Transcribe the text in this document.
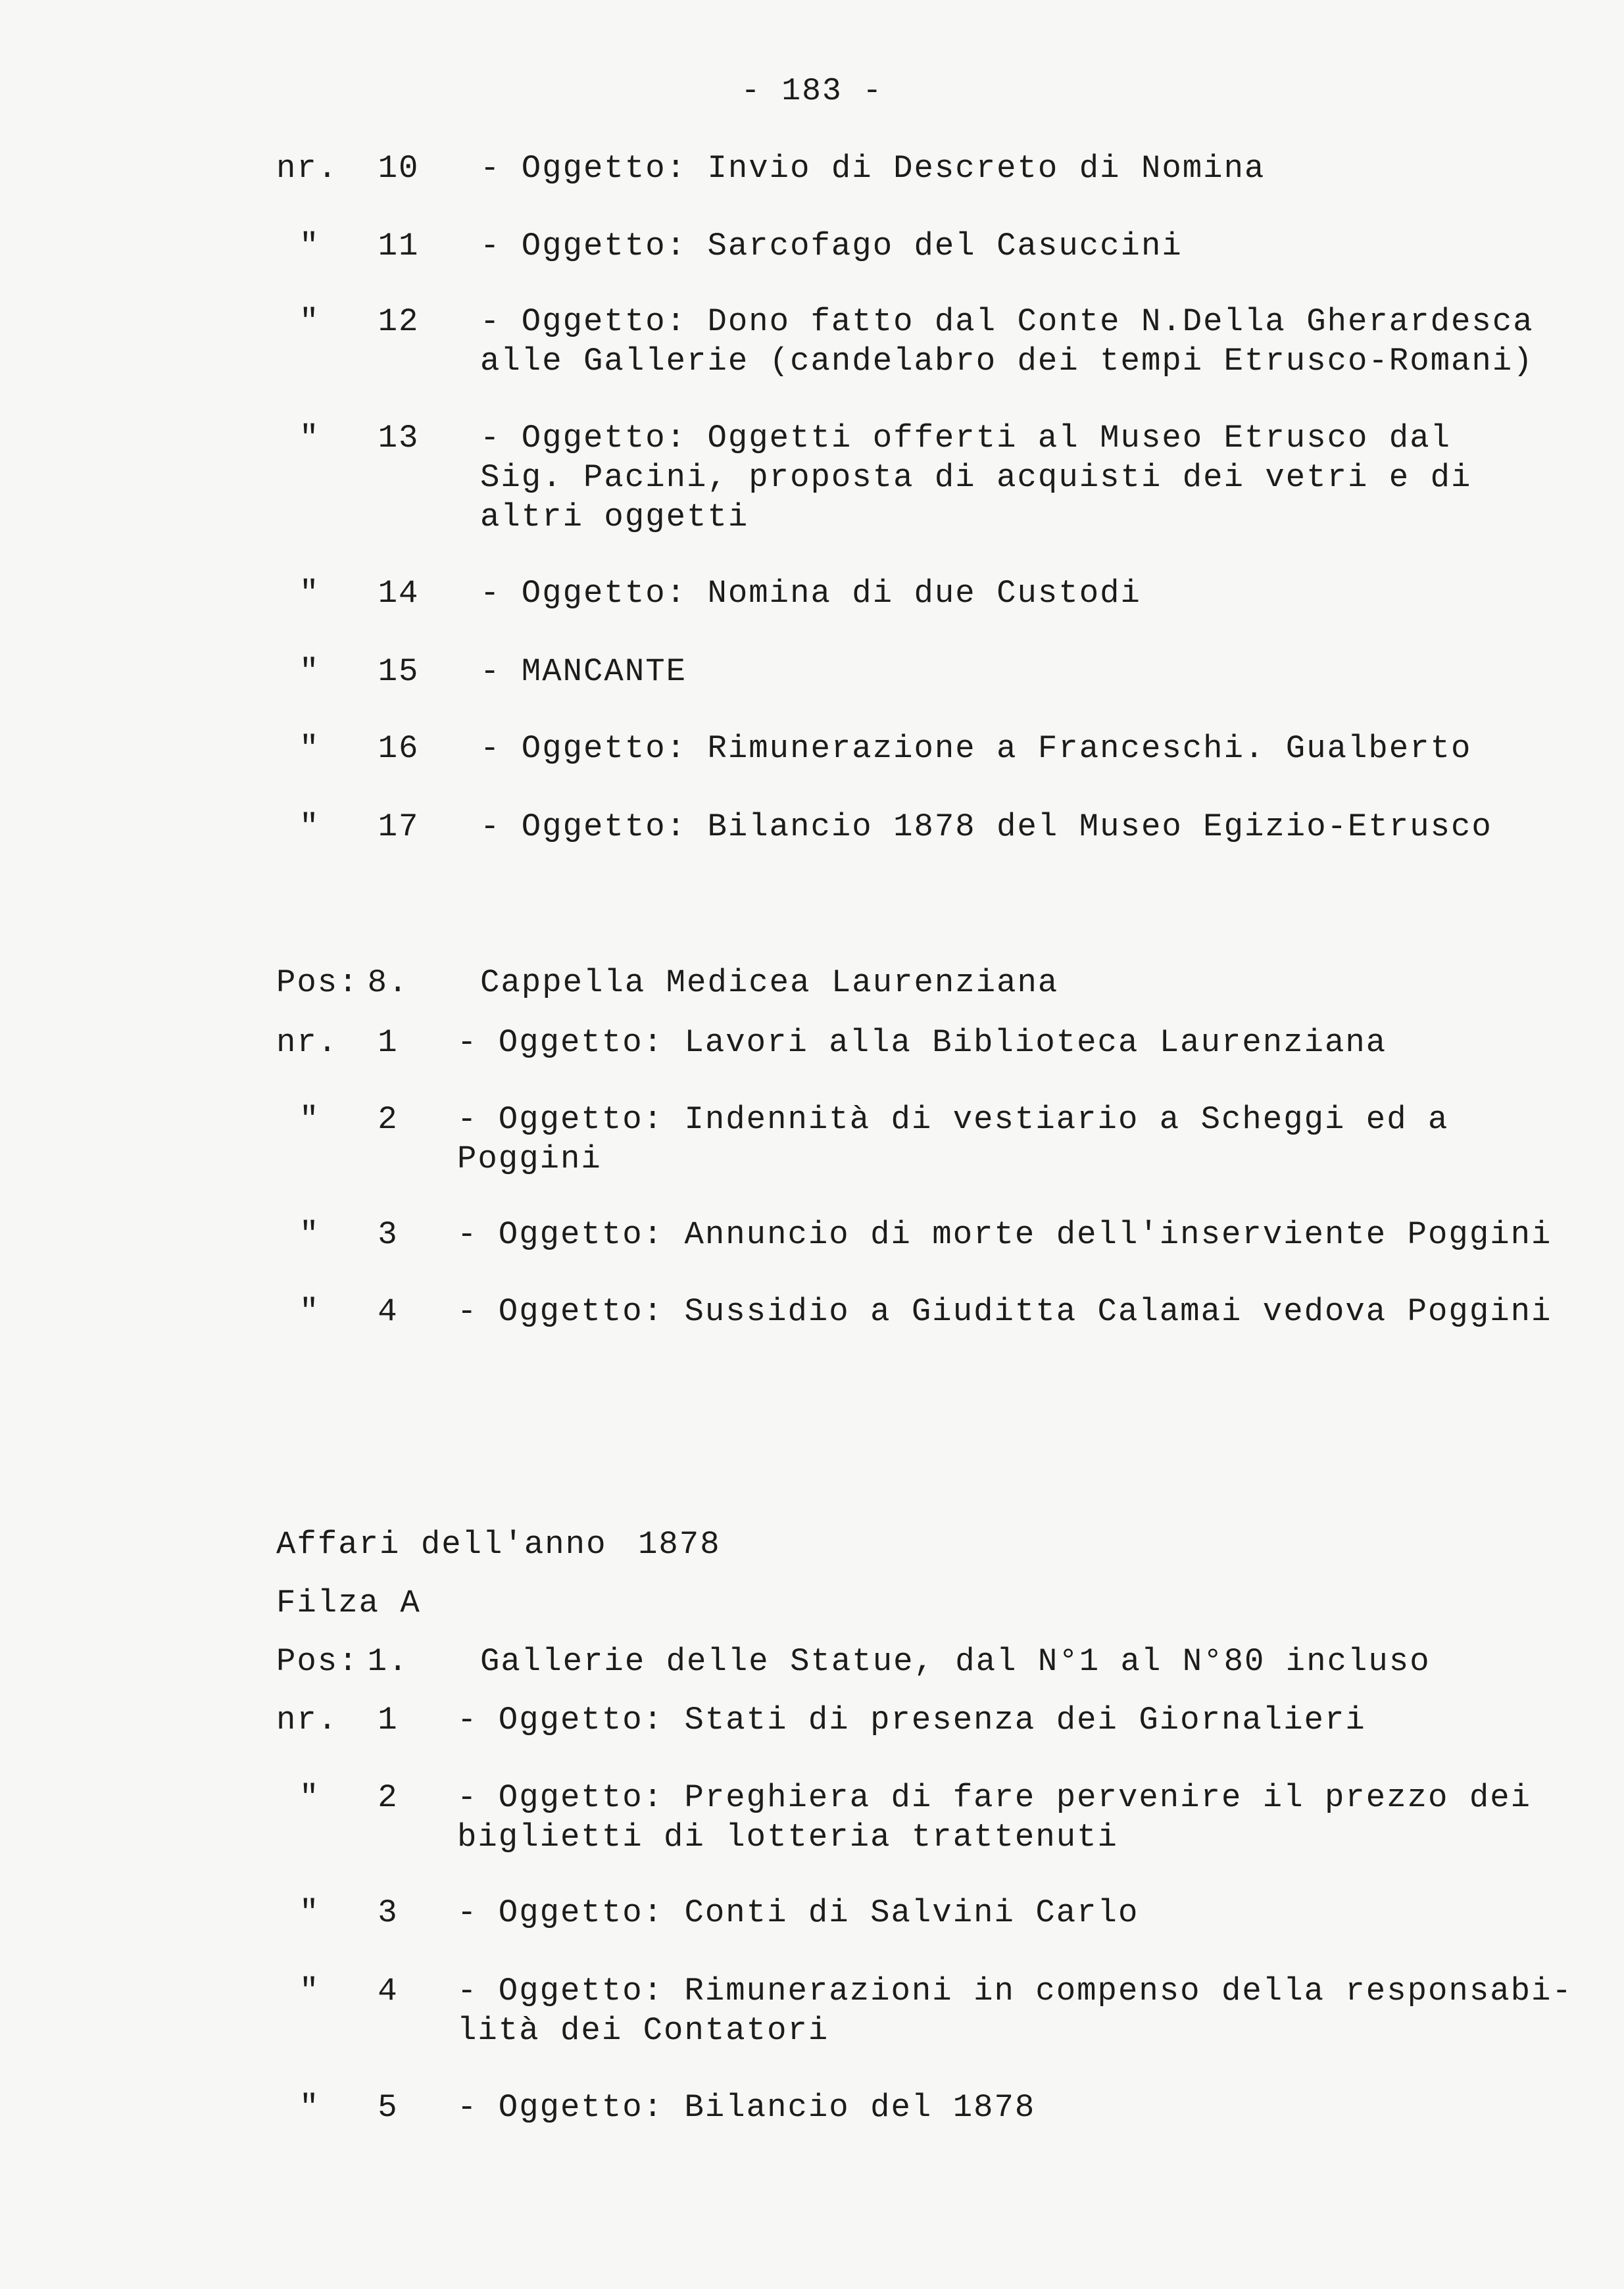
- 183 -
nr.	10	- Oggetto: Invio di Descreto di Nomina
"	11	- Oggetto: Sarcofago del Casuccini
"	12	- Oggetto: Dono fatto dal Conte N.Della Gherardesca
alle Gallerie (candelabro dei tempi Etrusco-Romani)
"	13	- Oggetto: Oggetti offerti al Museo Etrusco dal
Sig. Pacini, proposta di acquisti dei vetri e di
altri oggetti
"	14	- Oggetto: Nomina di due Custodi
"	15	- MANCANTE
"	16	- Oggetto: Rimunerazione a Franceschi. Gualberto
"	17	- Oggetto: Bilancio 1878 del Museo Egizio-Etrusco
Pos: 8.	Cappella Medicea Laurenziana
nr.	1	- Oggetto: Lavori alla Biblioteca Laurenziana
"	2	- Oggetto: Indennità di vestiario a Scheggi ed a
Poggini
"	3	- Oggetto: Annuncio di morte dell'inserviente Poggini
"	4	- Oggetto: Sussidio a Giuditta Calamai vedova Poggini
Affari dell'anno 1878
Filza A
Pos: 1.	Gallerie delle Statue, dal N°1 al N°80 incluso
nr.	1	- Oggetto: Stati di presenza dei Giornalieri
"	2	- Oggetto: Preghiera di fare pervenire il prezzo dei
biglietti di lotteria trattenuti
"	3	- Oggetto: Conti di Salvini Carlo
"	4	- Oggetto: Rimunerazioni in compenso della responsabi-
lità dei Contatori
"	5	- Oggetto: Bilancio del 1878
